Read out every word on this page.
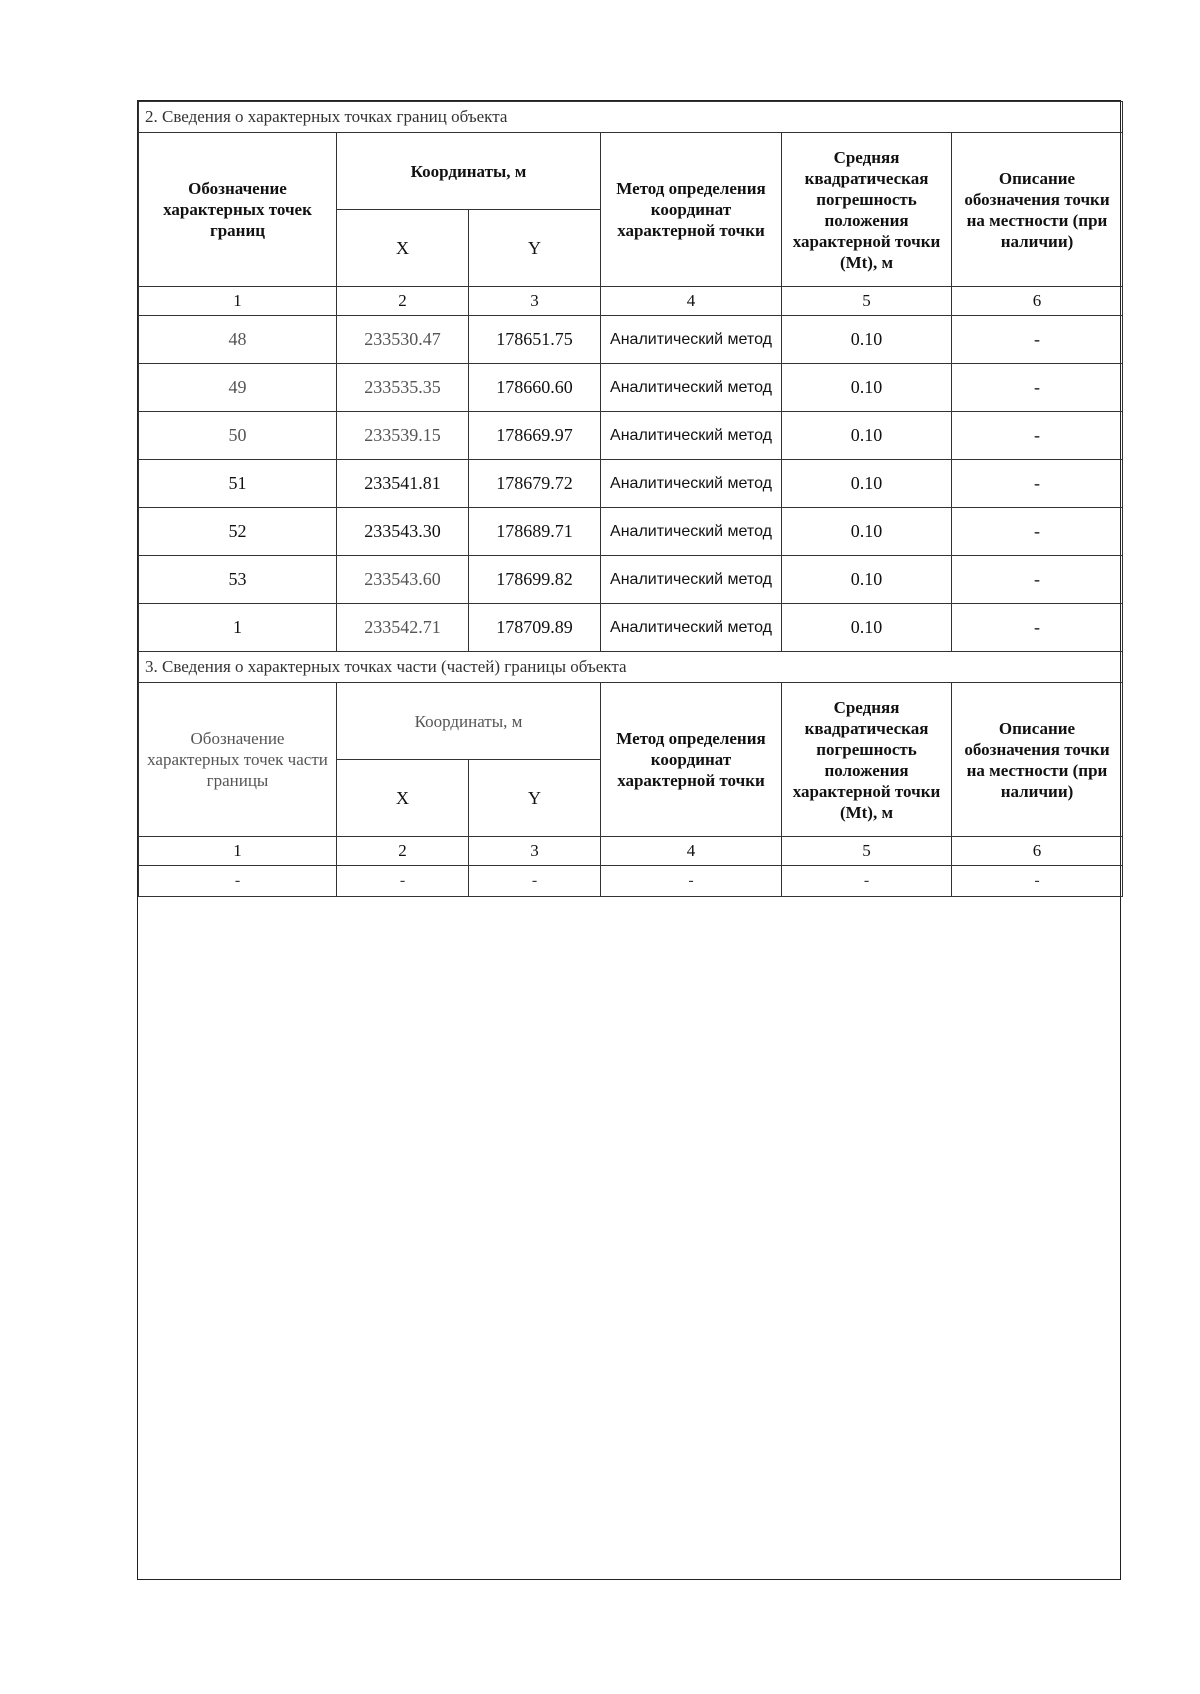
2. Сведения о характерных точках границ объекта					
Обозначение характерных точек границ	Координаты, м		Метод определения координат характерной точки	Средняя квадратическая погрешность положения характерной точки (Mt), м	Описание обозначения точки на местности (при наличии)
	X	Y			
1	2	3	4	5	6
48	233530.47	178651.75	Аналитический метод	0.10	-
49	233535.35	178660.60	Аналитический метод	0.10	-
50	233539.15	178669.97	Аналитический метод	0.10	-
51	233541.81	178679.72	Аналитический метод	0.10	-
52	233543.30	178689.71	Аналитический метод	0.10	-
53	233543.60	178699.82	Аналитический метод	0.10	-
1	233542.71	178709.89	Аналитический метод	0.10	-
3. Сведения о характерных точках части (частей) границы объекта					
Обозначение характерных точек части границы	Координаты, м		Метод определения координат характерной точки	Средняя квадратическая погрешность положения характерной точки (Mt), м	Описание обозначения точки на местности (при наличии)
	X	Y			
1	2	3	4	5	6
-	-	-	-	-	-
